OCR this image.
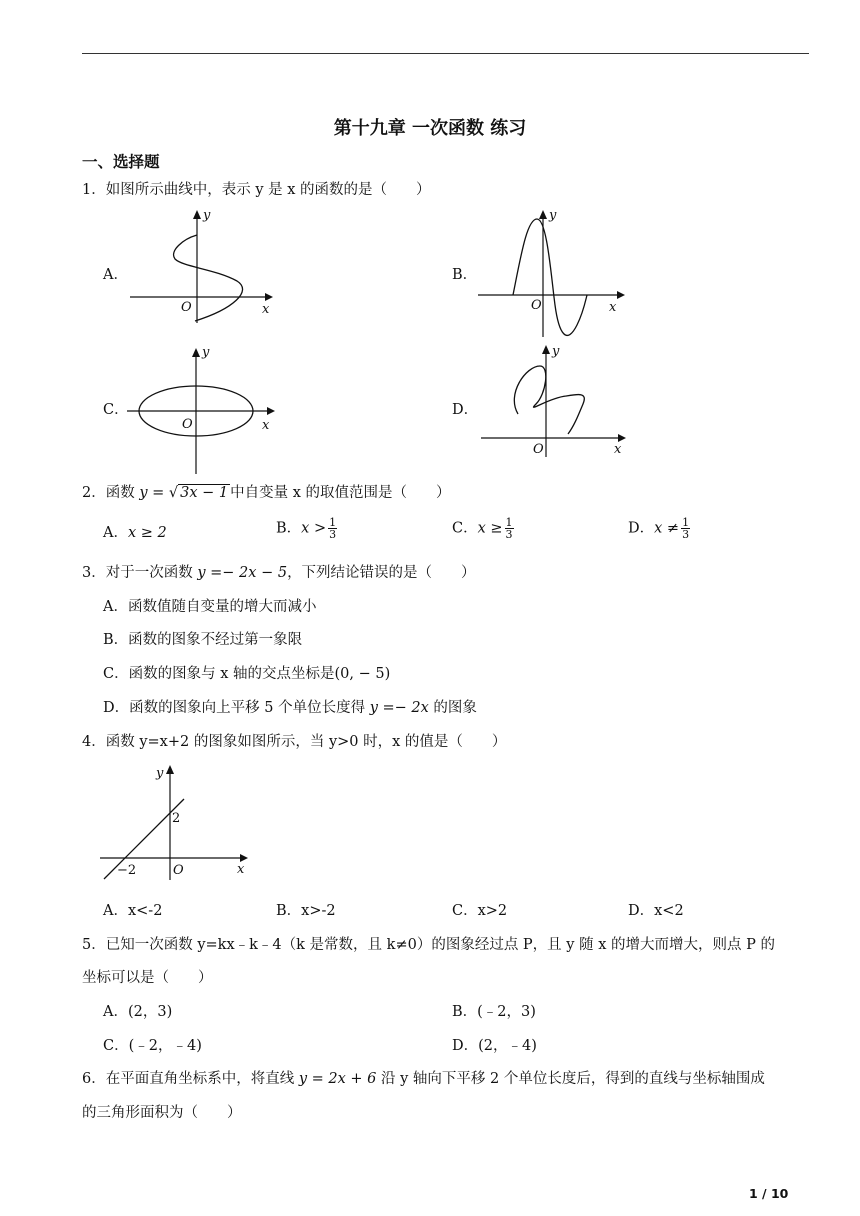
第十九章 一次函数 练习
一、选择题
1．如图所示曲线中，表示 y 是 x 的函数的是（　　）
A．
y
O	x
B．
y
O	x
C．
y
O	x
D．
y
O	x
2．函数 y = √ 3x − 1 中自变量 x 的取值范围是（　　）
A．x ≥ 2	B．$x > \frac{1}{3}$	C．$x \ge \frac{1}{3}$	D．$x \ne \frac{1}{3}$
3．对于一次函数 y =− 2x − 5，下列结论错误的是（　　）
A．函数值随自变量的增大而减小
B．函数的图象不经过第一象限
C．函数的图象与 x 轴的交点坐标是(0, − 5)
D．函数的图象向上平移 5 个单位长度得 y =− 2x 的图象
4．函数 y=x+2 的图象如图所示，当 y>0 时，x 的值是（　　）
y
2
−2	O	x
A．x<-2	B．x>-2	C．x>2	D．x<2
5．已知一次函数 y=kx﹣k﹣4（k 是常数，且 k≠0）的图象经过点 P，且 y 随 x 的增大而增大，则点 P 的
坐标可以是（　　）
A．(2，3)	B．(﹣2，3)
C．(﹣2，﹣4)	D．(2，﹣4)
6．在平面直角坐标系中，将直线 y = 2x + 6 沿 y 轴向下平移 2 个单位长度后，得到的直线与坐标轴围成
的三角形面积为（　　）
1 / 10
